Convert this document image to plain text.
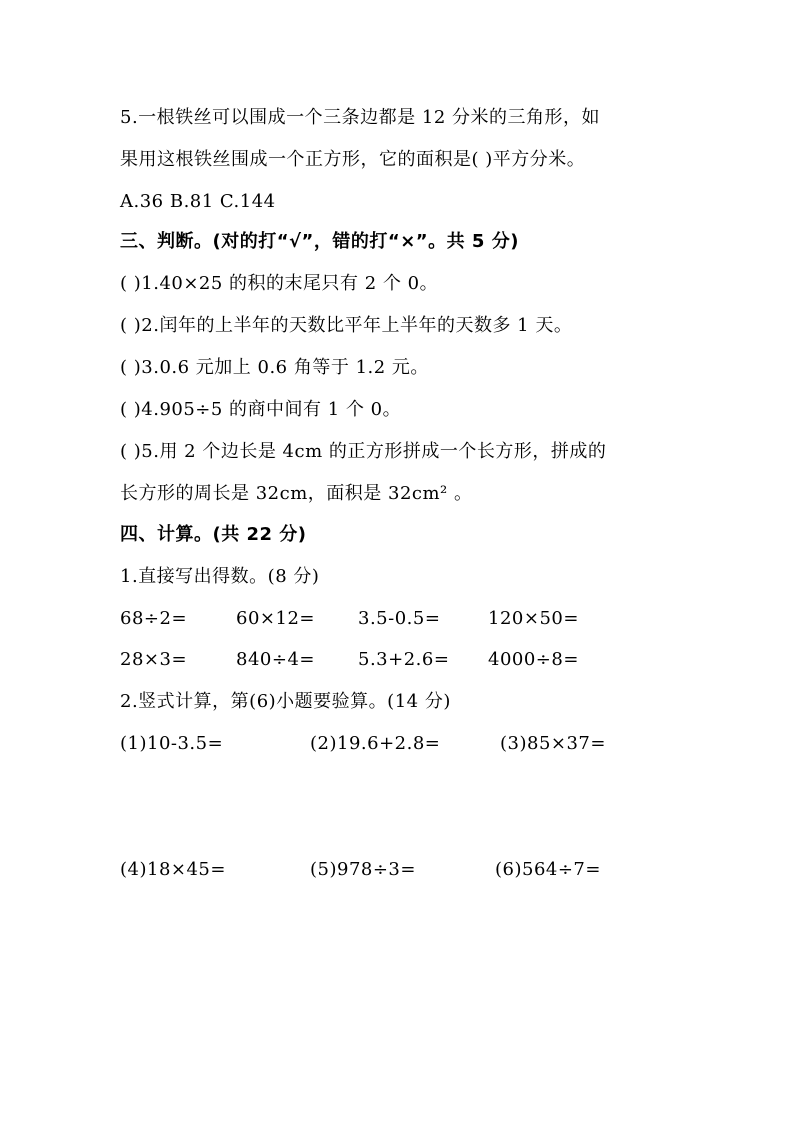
5.一根铁丝可以围成一个三条边都是 12 分米的三角形，如
果用这根铁丝围成一个正方形，它的面积是( )平方分米。
A.36 B.81 C.144
三、判断。(对的打“√”，错的打“×”。共 5 分)
( )1.40×25 的积的末尾只有 2 个 0。
( )2.闰年的上半年的天数比平年上半年的天数多 1 天。
( )3.0.6 元加上 0.6 角等于 1.2 元。
( )4.905÷5 的商中间有 1 个 0。
( )5.用 2 个边长是 4cm 的正方形拼成一个长方形，拼成的
长方形的周长是 32cm，面积是 32cm² 。
四、计算。(共 22 分)
1.直接写出得数。(8 分)
68÷2=	60×12= 3.5-0.5=	120×50=
28×3=	840÷4= 5.3+2.6= 4000÷8=
2.竖式计算，第(6)小题要验算。(14 分)
(1)10-3.5=	(2)19.6+2.8=	(3)85×37=
(4)18×45=	(5)978÷3=	(6)564÷7=
